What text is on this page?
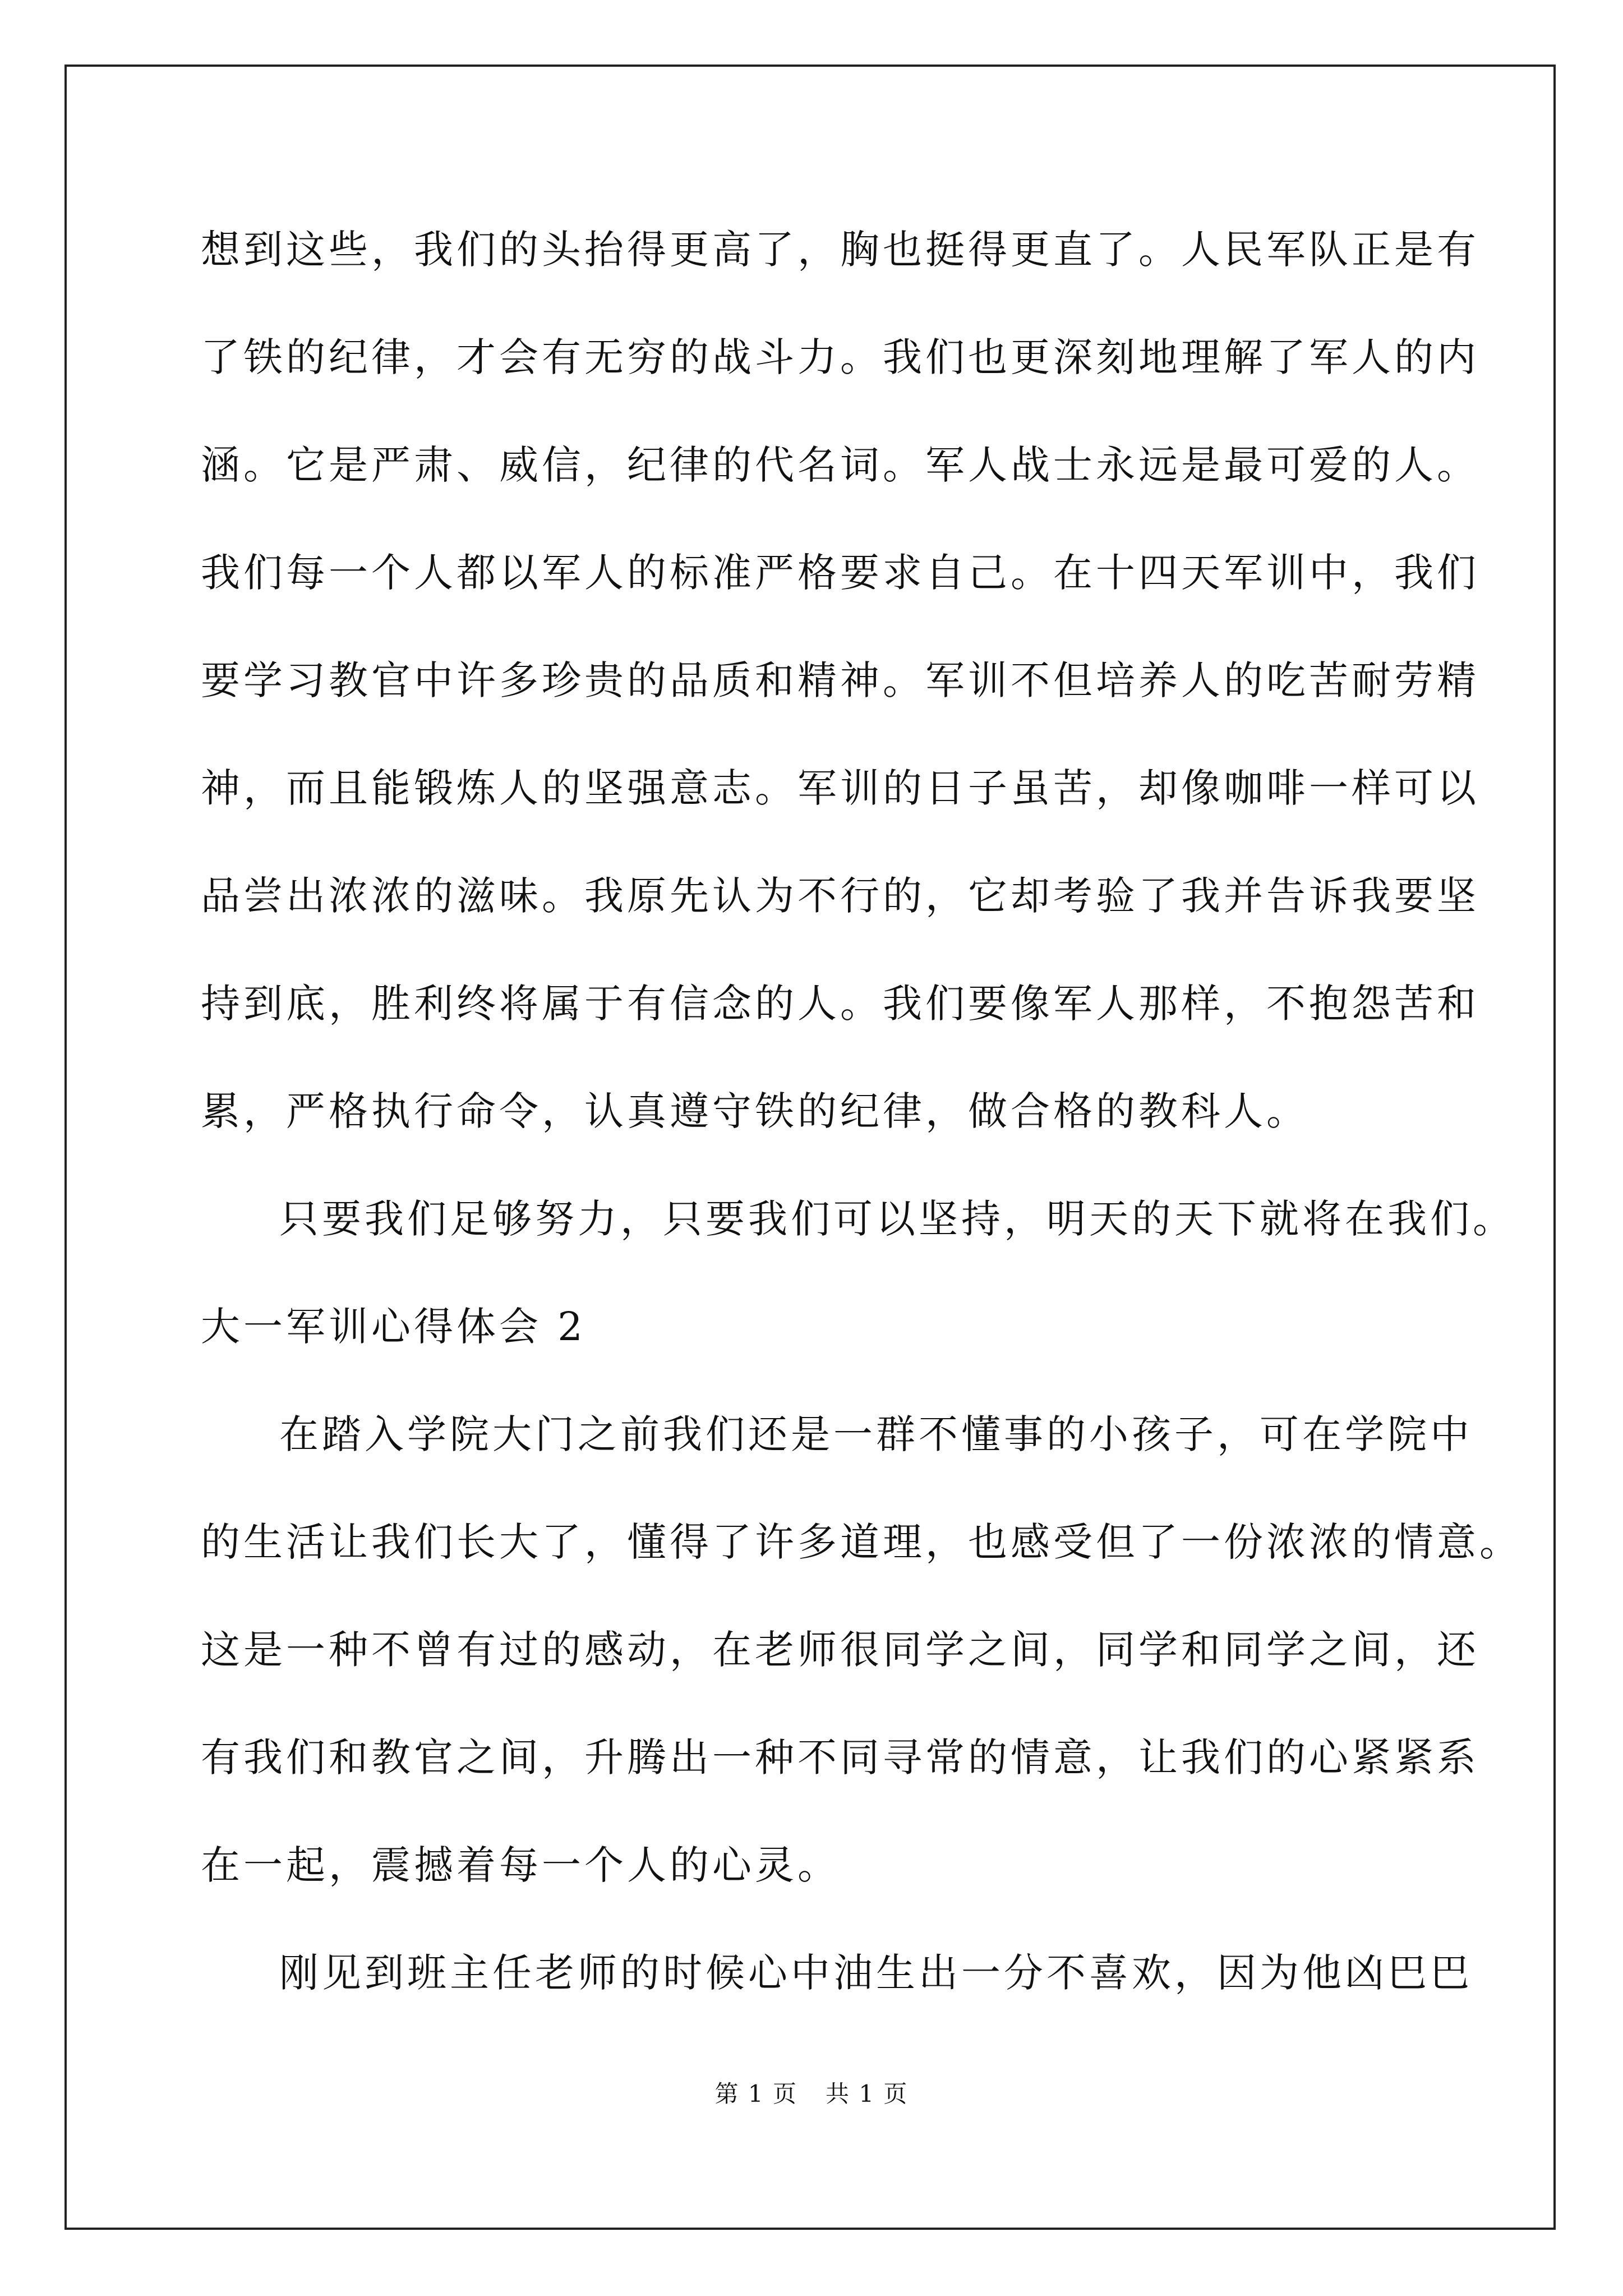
想到这些，我们的头抬得更高了，胸也挺得更直了。人民军队正是有
了铁的纪律，才会有无穷的战斗力。我们也更深刻地理解了军人的内
涵。它是严肃、威信，纪律的代名词。军人战士永远是最可爱的人。
我们每一个人都以军人的标准严格要求自己。在十四天军训中，我们
要学习教官中许多珍贵的品质和精神。军训不但培养人的吃苦耐劳精
神，而且能锻炼人的坚强意志。军训的日子虽苦，却像咖啡一样可以
品尝出浓浓的滋味。我原先认为不行的，它却考验了我并告诉我要坚
持到底，胜利终将属于有信念的人。我们要像军人那样，不抱怨苦和
累，严格执行命令，认真遵守铁的纪律，做合格的教科人。
只要我们足够努力，只要我们可以坚持，明天的天下就将在我们。
大一军训心得体会 2
在踏入学院大门之前我们还是一群不懂事的小孩子，可在学院中
的生活让我们长大了，懂得了许多道理，也感受但了一份浓浓的情意。
这是一种不曾有过的感动，在老师很同学之间，同学和同学之间，还
有我们和教官之间，升腾出一种不同寻常的情意，让我们的心紧紧系
在一起，震撼着每一个人的心灵。
刚见到班主任老师的时候心中油生出一分不喜欢，因为他凶巴巴
第 1 页 共 1 页
